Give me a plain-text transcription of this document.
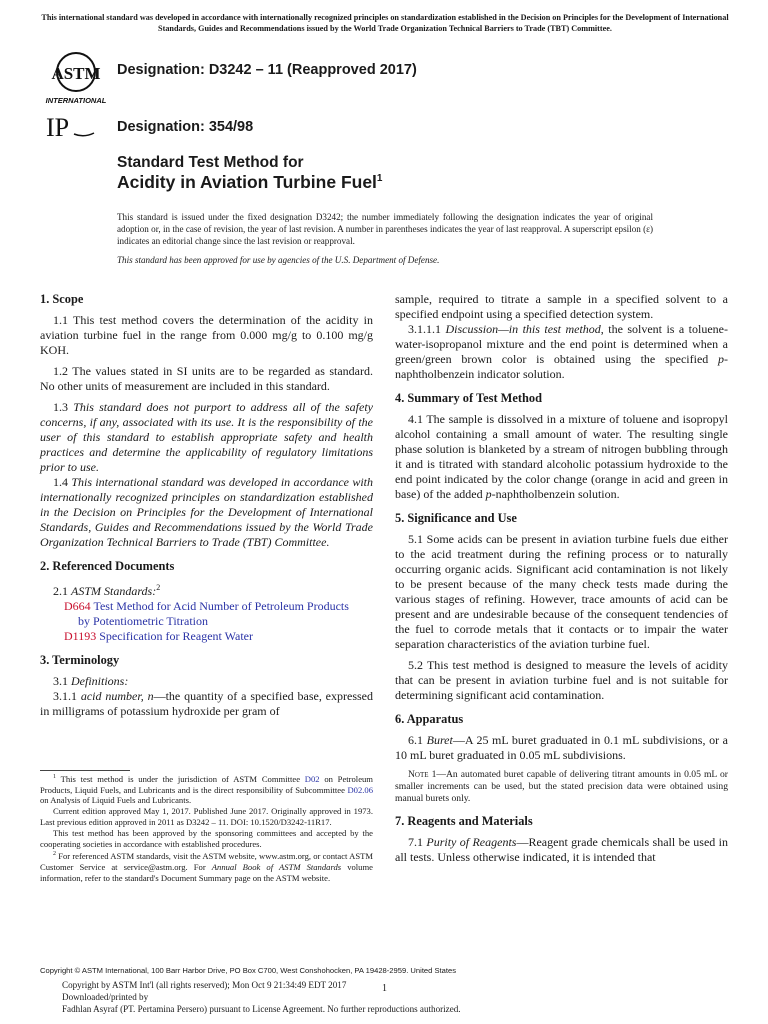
This international standard was developed in accordance with internationally recognized principles on standardization established in the Decision on Principles for the Development of International Standards, Guides and Recommendations issued by the World Trade Organization Technical Barriers to Trade (TBT) Committee.
ASTM
INTERNATIONAL
IP
Designation: D3242 – 11 (Reapproved 2017)
Designation: 354/98
Standard Test Method for
Acidity in Aviation Turbine Fuel$^1$
This standard is issued under the fixed designation D3242; the number immediately following the designation indicates the year of original adoption or, in the case of revision, the year of last revision. A number in parentheses indicates the year of last reapproval. A superscript epsilon (ε) indicates an editorial change since the last revision or reapproval.
This standard has been approved for use by agencies of the U.S. Department of Defense.
1. Scope

1.1 This test method covers the determination of the acidity in aviation turbine fuel in the range from 0.000 mg/g to 0.100 mg/g KOH.

1.2 The values stated in SI units are to be regarded as standard. No other units of measurement are included in this standard.

1.3 This standard does not purport to address all of the safety concerns, if any, associated with its use. It is the responsibility of the user of this standard to establish appropriate safety and health practices and determine the applicability of regulatory limitations prior to use.

1.4 This international standard was developed in accordance with internationally recognized principles on standardization established in the Decision on Principles for the Development of International Standards, Guides and Recommendations issued by the World Trade Organization Technical Barriers to Trade (TBT) Committee.

2. Referenced Documents

2.1 ASTM Standards:$^2$

D664 Test Method for Acid Number of Petroleum Products
by Potentiometric Titration

D1193 Specification for Reagent Water

3. Terminology

3.1 Definitions:

3.1.1 acid number, n—the quantity of a specified base, expressed in milligrams of potassium hydroxide per gram of

$^1$ This test method is under the jurisdiction of ASTM Committee D02 on Petroleum Products, Liquid Fuels, and Lubricants and is the direct responsibility of Subcommittee D02.06 on Analysis of Liquid Fuels and Lubricants.

Current edition approved May 1, 2017. Published June 2017. Originally approved in 1973. Last previous edition approved in 2011 as D3242 – 11. DOI: 10.1520/D3242-11R17.

This test method has been approved by the sponsoring committees and accepted by the cooperating societies in accordance with established procedures.

$^2$ For referenced ASTM standards, visit the ASTM website, www.astm.org, or contact ASTM Customer Service at service@astm.org. For Annual Book of ASTM Standards volume information, refer to the standard's Document Summary page on the ASTM website.

sample, required to titrate a sample in a specified solvent to a specified endpoint using a specified detection system.

3.1.1.1 Discussion—in this test method, the solvent is a toluene-water-isopropanol mixture and the end point is determined when a green/green brown color is obtained using the specified p-naphtholbenzein indicator solution.

4. Summary of Test Method

4.1 The sample is dissolved in a mixture of toluene and isopropyl alcohol containing a small amount of water. The resulting single phase solution is blanketed by a stream of nitrogen bubbling through it and is titrated with standard alcoholic potassium hydroxide to the end point indicated by the color change (orange in acid and green in base) of the added p-naphtholbenzein solution.

5. Significance and Use

5.1 Some acids can be present in aviation turbine fuels due either to the acid treatment during the refining process or to naturally occurring organic acids. Significant acid contamination is not likely to be present because of the many check tests made during the various stages of refining. However, trace amounts of acid can be present and are undesirable because of the consequent tendencies of the fuel to corrode metals that it contacts or to impair the water separation characteristics of the aviation turbine fuel.

5.2 This test method is designed to measure the levels of acidity that can be present in aviation turbine fuel and is not suitable for determining significant acid contamination.

6. Apparatus

6.1 Buret—A 25 mL buret graduated in 0.1 mL subdivisions, or a 10 mL buret graduated in 0.05 mL subdivisions.

Note 1—An automated buret capable of delivering titrant amounts in 0.05 mL or smaller increments can be used, but the stated precision data were obtained using manual burets only.

7. Reagents and Materials

7.1 Purity of Reagents—Reagent grade chemicals shall be used in all tests. Unless otherwise indicated, it is intended that

Copyright © ASTM International, 100 Barr Harbor Drive, PO Box C700, West Conshohocken, PA 19428-2959. United States
Copyright by ASTM Int'l (all rights reserved); Mon Oct 9 21:34:49 EDT 2017
Downloaded/printed by
Fadhlan Asyraf (PT. Pertamina Persero) pursuant to License Agreement. No further reproductions authorized.
1
